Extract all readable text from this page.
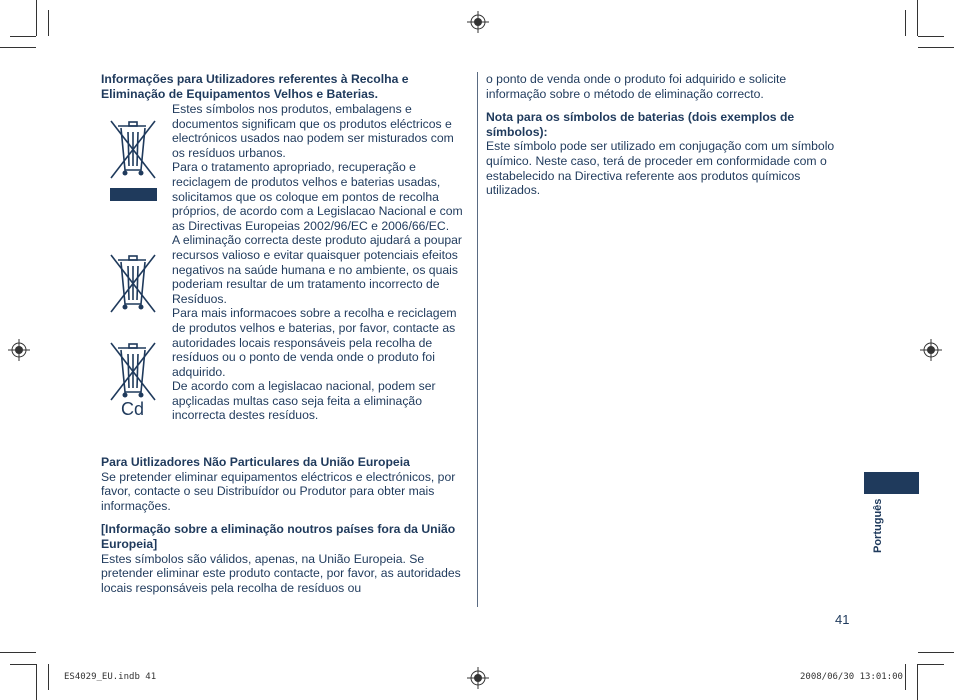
Informações para Utilizadores referentes à Recolha e Eliminação de Equipamentos Velhos e Baterias.

Estes símbolos nos produtos, embalagens e documentos significam que os produtos eléctricos e electrónicos usados nao podem ser misturados com os resíduos urbanos.

Para o tratamento apropriado, recuperação e reciclagem de produtos velhos e baterias usadas, solicitamos que os coloque em pontos de recolha próprios, de acordo com a Legislacao Nacional e com as Directivas Europeias 2002/96/EC e 2006/66/EC.

A eliminação correcta deste produto ajudará a poupar recursos valioso e evitar quaisquer potenciais efeitos negativos na saúde humana e no ambiente, os quais poderiam resultar de um tratamento incorrecto de Resíduos.

Para mais informacoes sobre a recolha e reciclagem de produtos velhos e baterias, por favor, contacte as autoridades locais responsáveis pela recolha de resíduos ou o ponto de venda onde o produto foi adquirido.

De acordo com a legislacao nacional, podem ser apçlicadas multas caso seja feita a eliminação incorrecta destes resíduos.

Cd

Para Uitlizadores Não Particulares da União Europeia

Se pretender eliminar equipamentos eléctricos e electrónicos, por favor, contacte o seu Distribuídor ou Produtor para obter mais informações.

[Informação sobre a eliminação noutros países fora da União Europeia]

Estes símbolos são válidos, apenas, na União Europeia. Se pretender eliminar este produto contacte, por favor, as autoridades locais responsáveis pela recolha de resíduos ou

o ponto de venda onde o produto foi adquirido e solicite informação sobre o método de eliminação correcto.

Nota para os símbolos de baterias (dois exemplos de símbolos):

Este símbolo pode ser utilizado em conjugação com um símbolo químico. Neste caso, terá de proceder em conformidade com o estabelecido na Directiva referente aos produtos químicos utilizados.

Português
41
ES4029_EU.indb 41	2008/06/30 13:01:00
